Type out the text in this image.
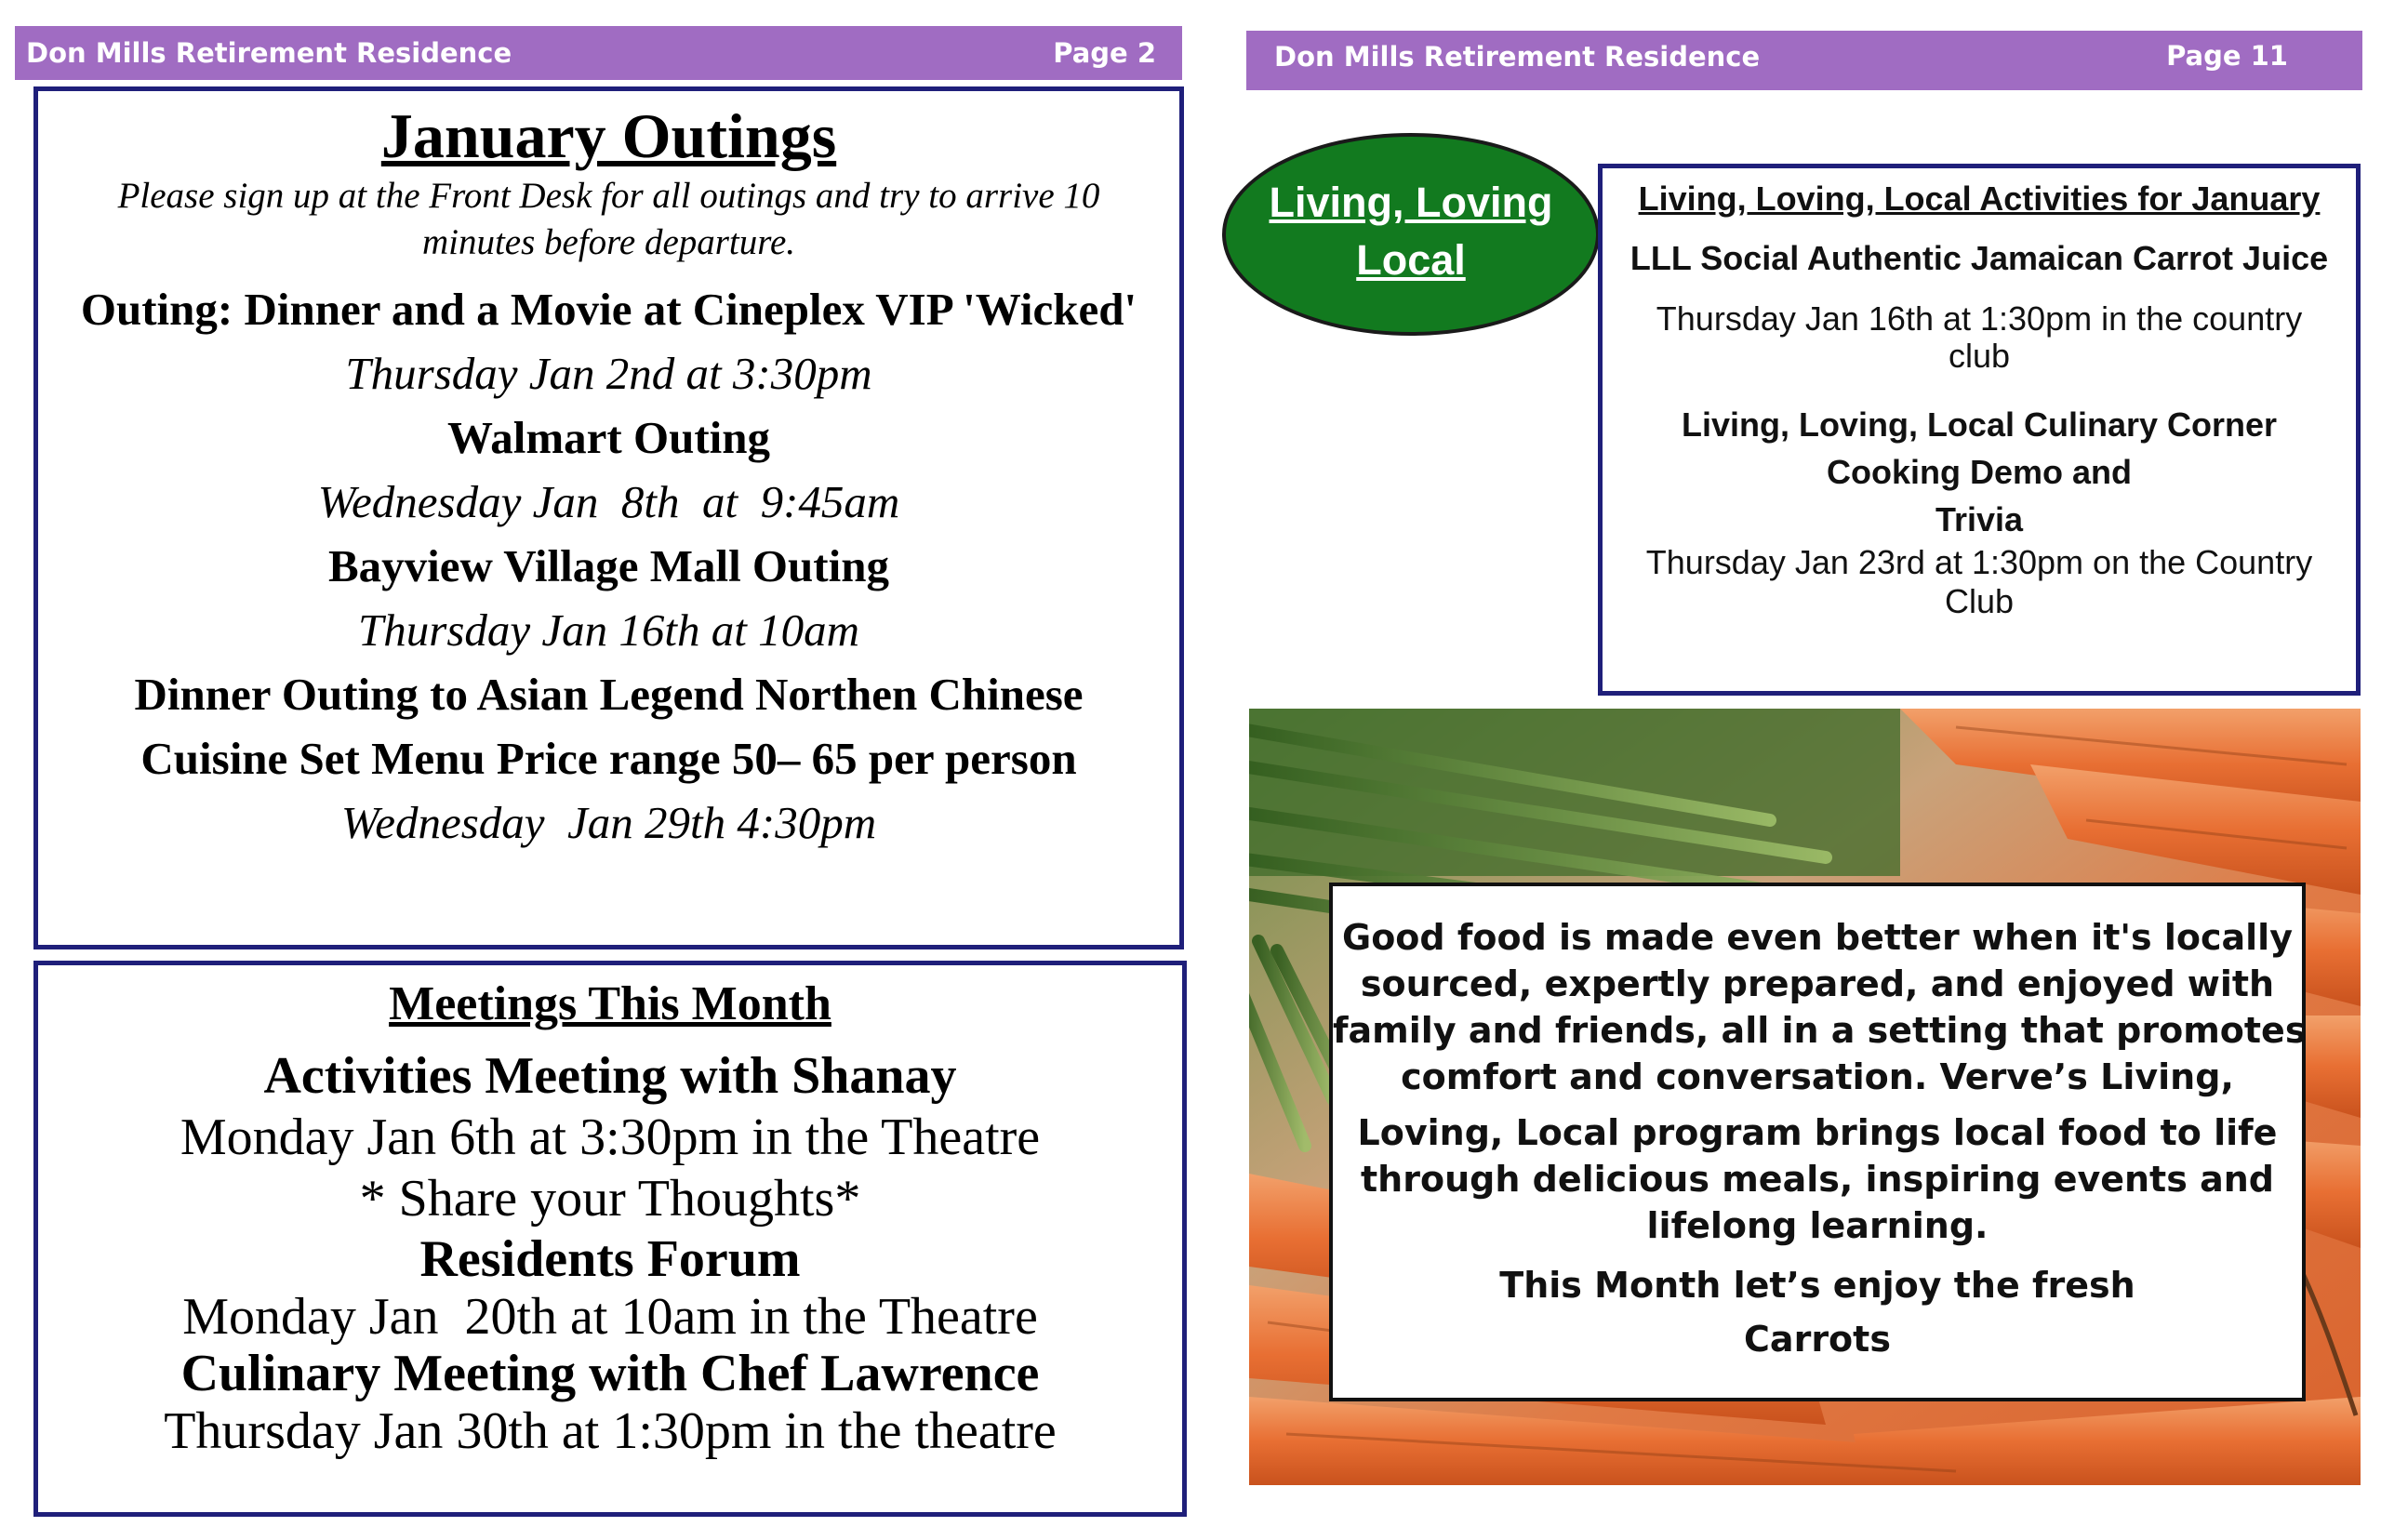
Don Mills Retirement Residence	Page 2
January Outings
Please sign up at the Front Desk for all outings and try to arrive 10
minutes before departure.
Outing: Dinner and a Movie at Cineplex VIP 'Wicked'
Thursday Jan 2nd at 3:30pm
Walmart Outing
Wednesday Jan  8th  at  9:45am
Bayview Village Mall Outing
Thursday Jan 16th at 10am
Dinner Outing to Asian Legend Northen Chinese
Cuisine Set Menu Price range 50– 65 per person
Wednesday  Jan 29th 4:30pm
Meetings This Month
Activities Meeting with Shanay
Monday Jan 6th at 3:30pm in the Theatre
* Share your Thoughts*
Residents Forum
Monday Jan  20th at 10am in the Theatre
Culinary Meeting with Chef Lawrence
Thursday Jan 30th at 1:30pm in the theatre
Don Mills Retirement Residence	Page 11
Living, Loving
Local
Living, Loving, Local Activities for January
LLL Social Authentic Jamaican Carrot Juice
Thursday Jan 16th at 1:30pm in the country
club
Living, Loving, Local Culinary Corner
Cooking Demo and
Trivia
Thursday Jan 23rd at 1:30pm on the Country
Club
Good food is made even better when it's locally
sourced, expertly prepared, and enjoyed with
family and friends, all in a setting that promotes
comfort and conversation. Verve’s Living,
Loving, Local program brings local food to life
through delicious meals, inspiring events and
lifelong learning.
This Month let’s enjoy the fresh
Carrots
